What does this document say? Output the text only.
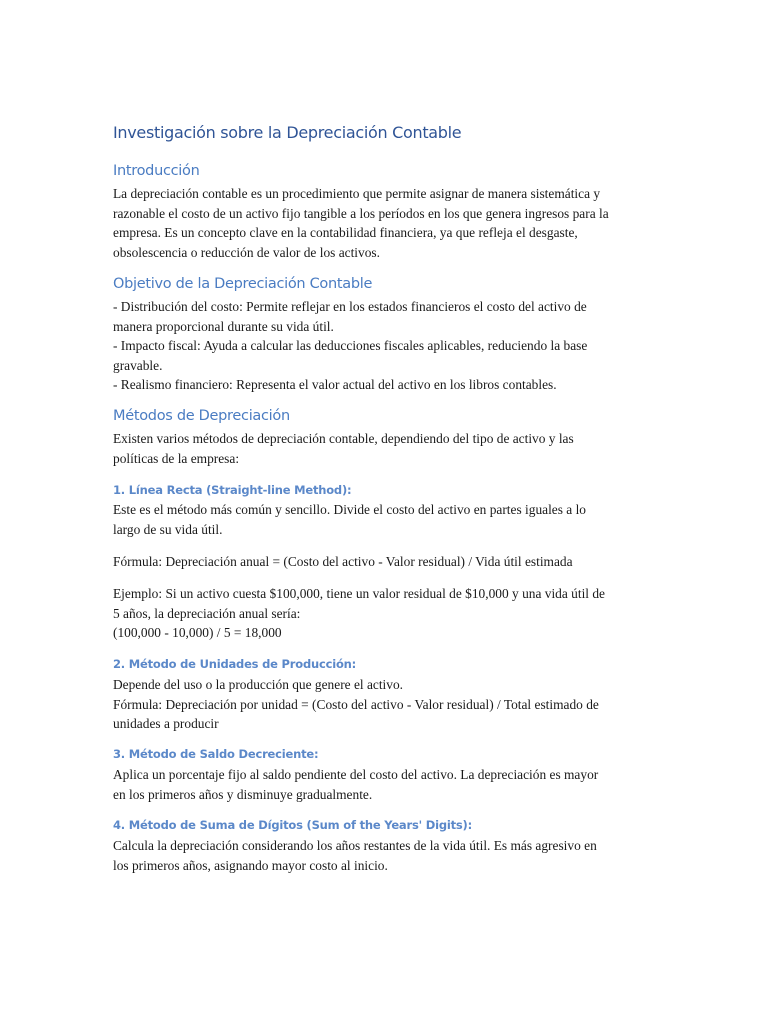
Investigación sobre la Depreciación Contable
Introducción
La depreciación contable es un procedimiento que permite asignar de manera sistemática y
razonable el costo de un activo fijo tangible a los períodos en los que genera ingresos para la
empresa. Es un concepto clave en la contabilidad financiera, ya que refleja el desgaste,
obsolescencia o reducción de valor de los activos.
Objetivo de la Depreciación Contable
- Distribución del costo: Permite reflejar en los estados financieros el costo del activo de
manera proporcional durante su vida útil.
- Impacto fiscal: Ayuda a calcular las deducciones fiscales aplicables, reduciendo la base
gravable.
- Realismo financiero: Representa el valor actual del activo en los libros contables.
Métodos de Depreciación
Existen varios métodos de depreciación contable, dependiendo del tipo de activo y las
políticas de la empresa:
1. Línea Recta (Straight-line Method):
Este es el método más común y sencillo. Divide el costo del activo en partes iguales a lo
largo de su vida útil.
Fórmula: Depreciación anual = (Costo del activo - Valor residual) / Vida útil estimada
Ejemplo: Si un activo cuesta $100,000, tiene un valor residual de $10,000 y una vida útil de
5 años, la depreciación anual sería:
(100,000 - 10,000) / 5 = 18,000
2. Método de Unidades de Producción:
Depende del uso o la producción que genere el activo.
Fórmula: Depreciación por unidad = (Costo del activo - Valor residual) / Total estimado de
unidades a producir
3. Método de Saldo Decreciente:
Aplica un porcentaje fijo al saldo pendiente del costo del activo. La depreciación es mayor
en los primeros años y disminuye gradualmente.
4. Método de Suma de Dígitos (Sum of the Years' Digits):
Calcula la depreciación considerando los años restantes de la vida útil. Es más agresivo en
los primeros años, asignando mayor costo al inicio.
